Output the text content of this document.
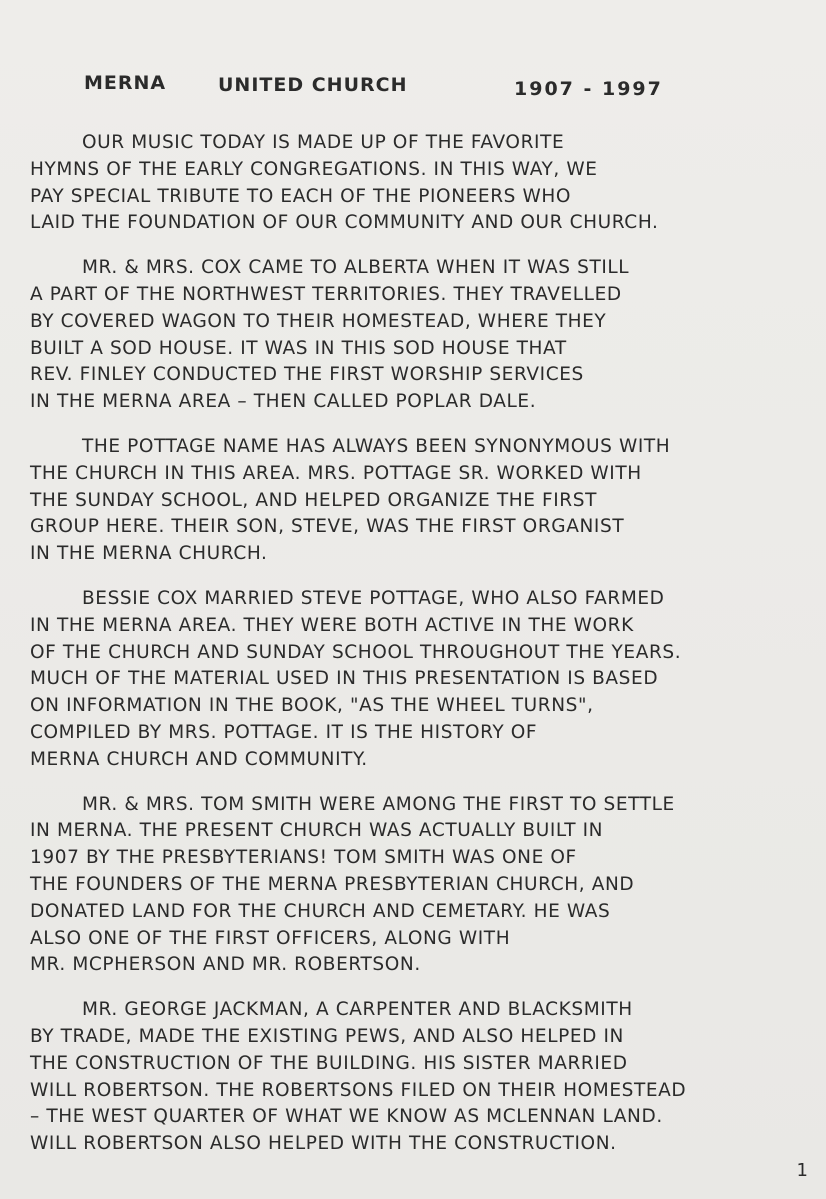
MERNA	UNITED CHURCH	1907 - 1997
OUR MUSIC TODAY IS MADE UP OF THE FAVORITE
HYMNS OF THE EARLY CONGREGATIONS. IN THIS WAY, WE
PAY SPECIAL TRIBUTE TO EACH OF THE PIONEERS WHO
LAID THE FOUNDATION OF OUR COMMUNITY AND OUR CHURCH.
MR. & MRS. COX CAME TO ALBERTA WHEN IT WAS STILL
A PART OF THE NORTHWEST TERRITORIES. THEY TRAVELLED
BY COVERED WAGON TO THEIR HOMESTEAD, WHERE THEY
BUILT A SOD HOUSE. IT WAS IN THIS SOD HOUSE THAT
REV. FINLEY CONDUCTED THE FIRST WORSHIP SERVICES
IN THE MERNA AREA – THEN CALLED POPLAR DALE.
THE POTTAGE NAME HAS ALWAYS BEEN SYNONYMOUS WITH
THE CHURCH IN THIS AREA. MRS. POTTAGE SR. WORKED WITH
THE SUNDAY SCHOOL, AND HELPED ORGANIZE THE FIRST
GROUP HERE. THEIR SON, STEVE, WAS THE FIRST ORGANIST
IN THE MERNA CHURCH.
BESSIE COX MARRIED STEVE POTTAGE, WHO ALSO FARMED
IN THE MERNA AREA. THEY WERE BOTH ACTIVE IN THE WORK
OF THE CHURCH AND SUNDAY SCHOOL THROUGHOUT THE YEARS.
MUCH OF THE MATERIAL USED IN THIS PRESENTATION IS BASED
ON INFORMATION IN THE BOOK, "AS THE WHEEL TURNS",
COMPILED BY MRS. POTTAGE. IT IS THE HISTORY OF
MERNA CHURCH AND COMMUNITY.
MR. & MRS. TOM SMITH WERE AMONG THE FIRST TO SETTLE
IN MERNA. THE PRESENT CHURCH WAS ACTUALLY BUILT IN
1907 BY THE PRESBYTERIANS! TOM SMITH WAS ONE OF
THE FOUNDERS OF THE MERNA PRESBYTERIAN CHURCH, AND
DONATED LAND FOR THE CHURCH AND CEMETARY. HE WAS
ALSO ONE OF THE FIRST OFFICERS, ALONG WITH
MR. MCPHERSON AND MR. ROBERTSON.
MR. GEORGE JACKMAN, A CARPENTER AND BLACKSMITH
BY TRADE, MADE THE EXISTING PEWS, AND ALSO HELPED IN
THE CONSTRUCTION OF THE BUILDING. HIS SISTER MARRIED
WILL ROBERTSON. THE ROBERTSONS FILED ON THEIR HOMESTEAD
– THE WEST QUARTER OF WHAT WE KNOW AS MCLENNAN LAND.
WILL ROBERTSON ALSO HELPED WITH THE CONSTRUCTION.
1
